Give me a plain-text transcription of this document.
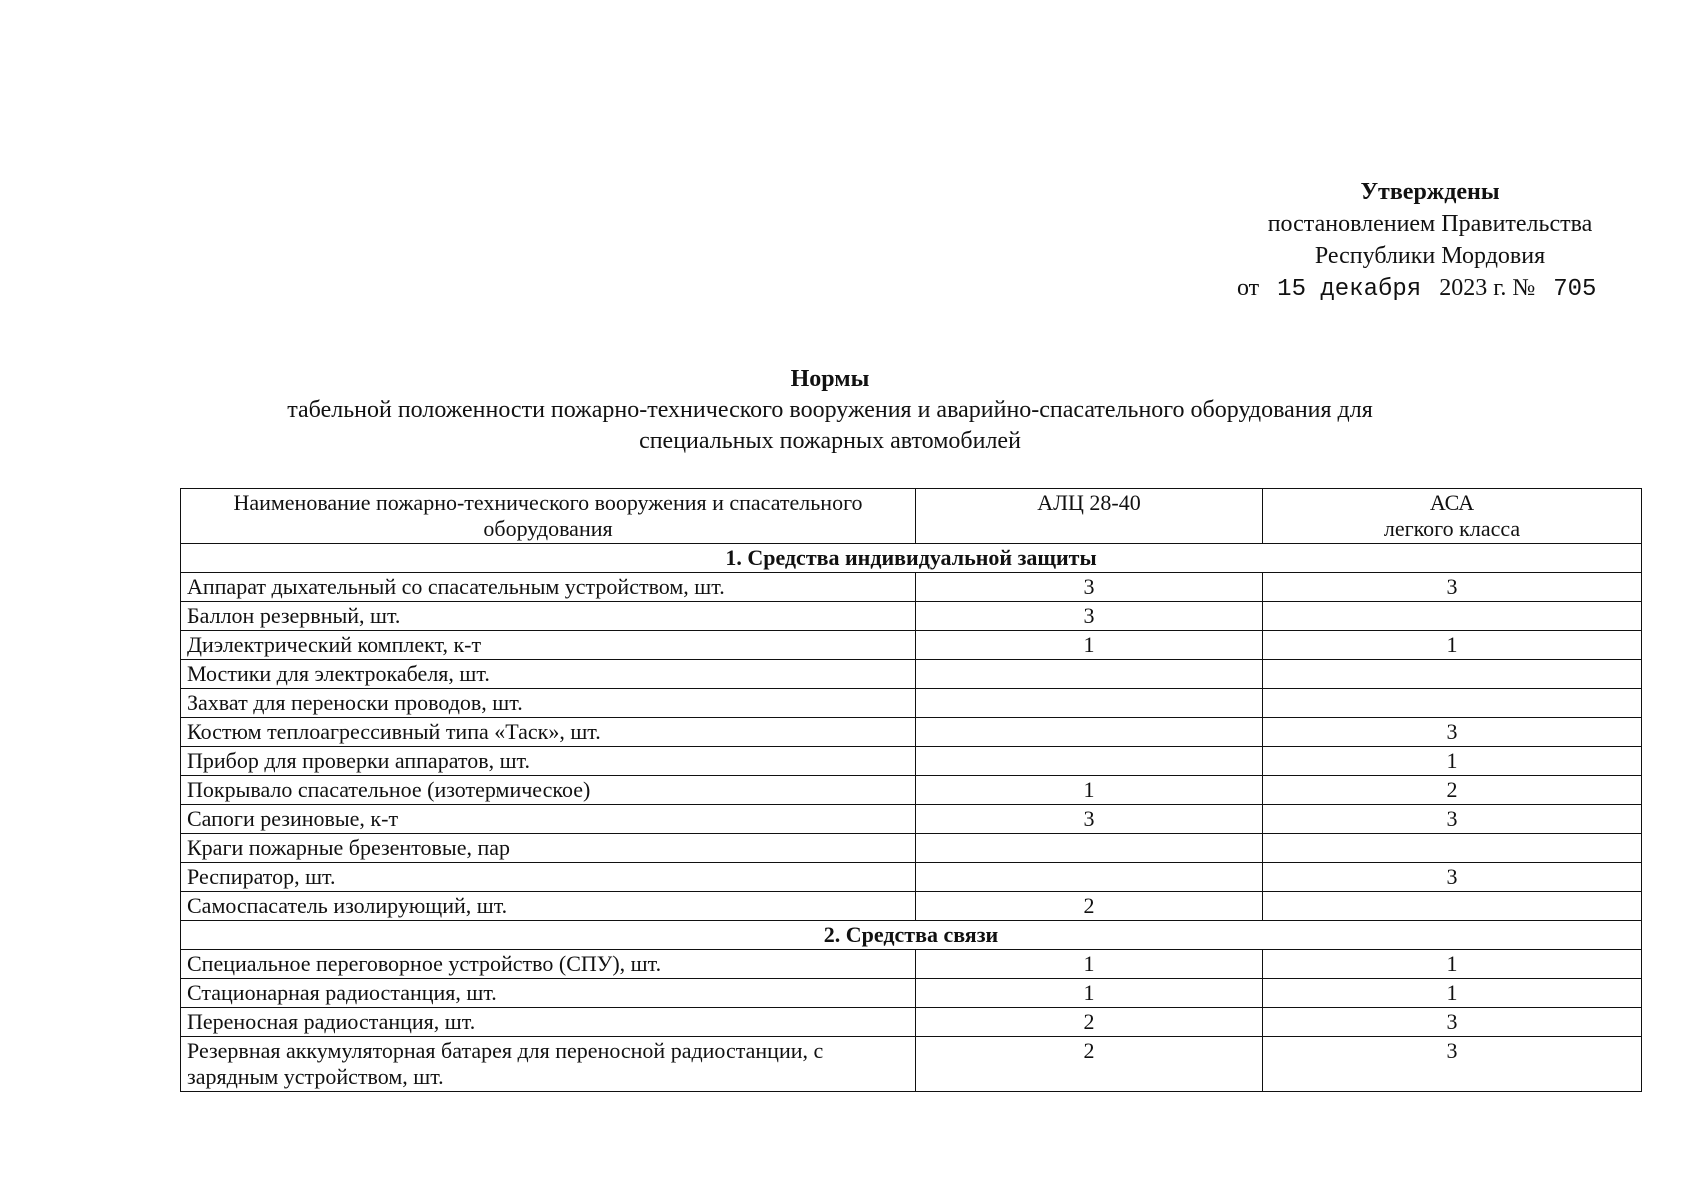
Утверждены
постановлением Правительства
Республики Мордовия
от 15 декабря 2023 г. № 705
Нормы
табельной положенности пожарно-технического вооружения и аварийно-спасательного оборудования для
специальных пожарных автомобилей
Наименование пожарно-технического вооружения и спасательного оборудования	АЛЦ 28-40	АСА
легкого класса

1. Средства индивидуальной защиты		
Аппарат дыхательный со спасательным устройством, шт.	3	3
Баллон резервный, шт.	3	
Диэлектрический комплект, к-т	1	1
Мостики для электрокабеля, шт.		
Захват для переноски проводов, шт.		
Костюм теплоагрессивный типа «Таск», шт.		3
Прибор для проверки аппаратов, шт.		1
Покрывало спасательное (изотермическое)	1	2
Сапоги резиновые, к-т	3	3
Краги пожарные брезентовые, пар		
Респиратор, шт.		3
Самоспасатель изолирующий, шт.	2	
2. Средства связи		
Специальное переговорное устройство (СПУ), шт.	1	1
Стационарная радиостанция, шт.	1	1
Переносная радиостанция, шт.	2	3
Резервная аккумуляторная батарея для переносной радиостанции, с зарядным устройством, шт.	2	3
